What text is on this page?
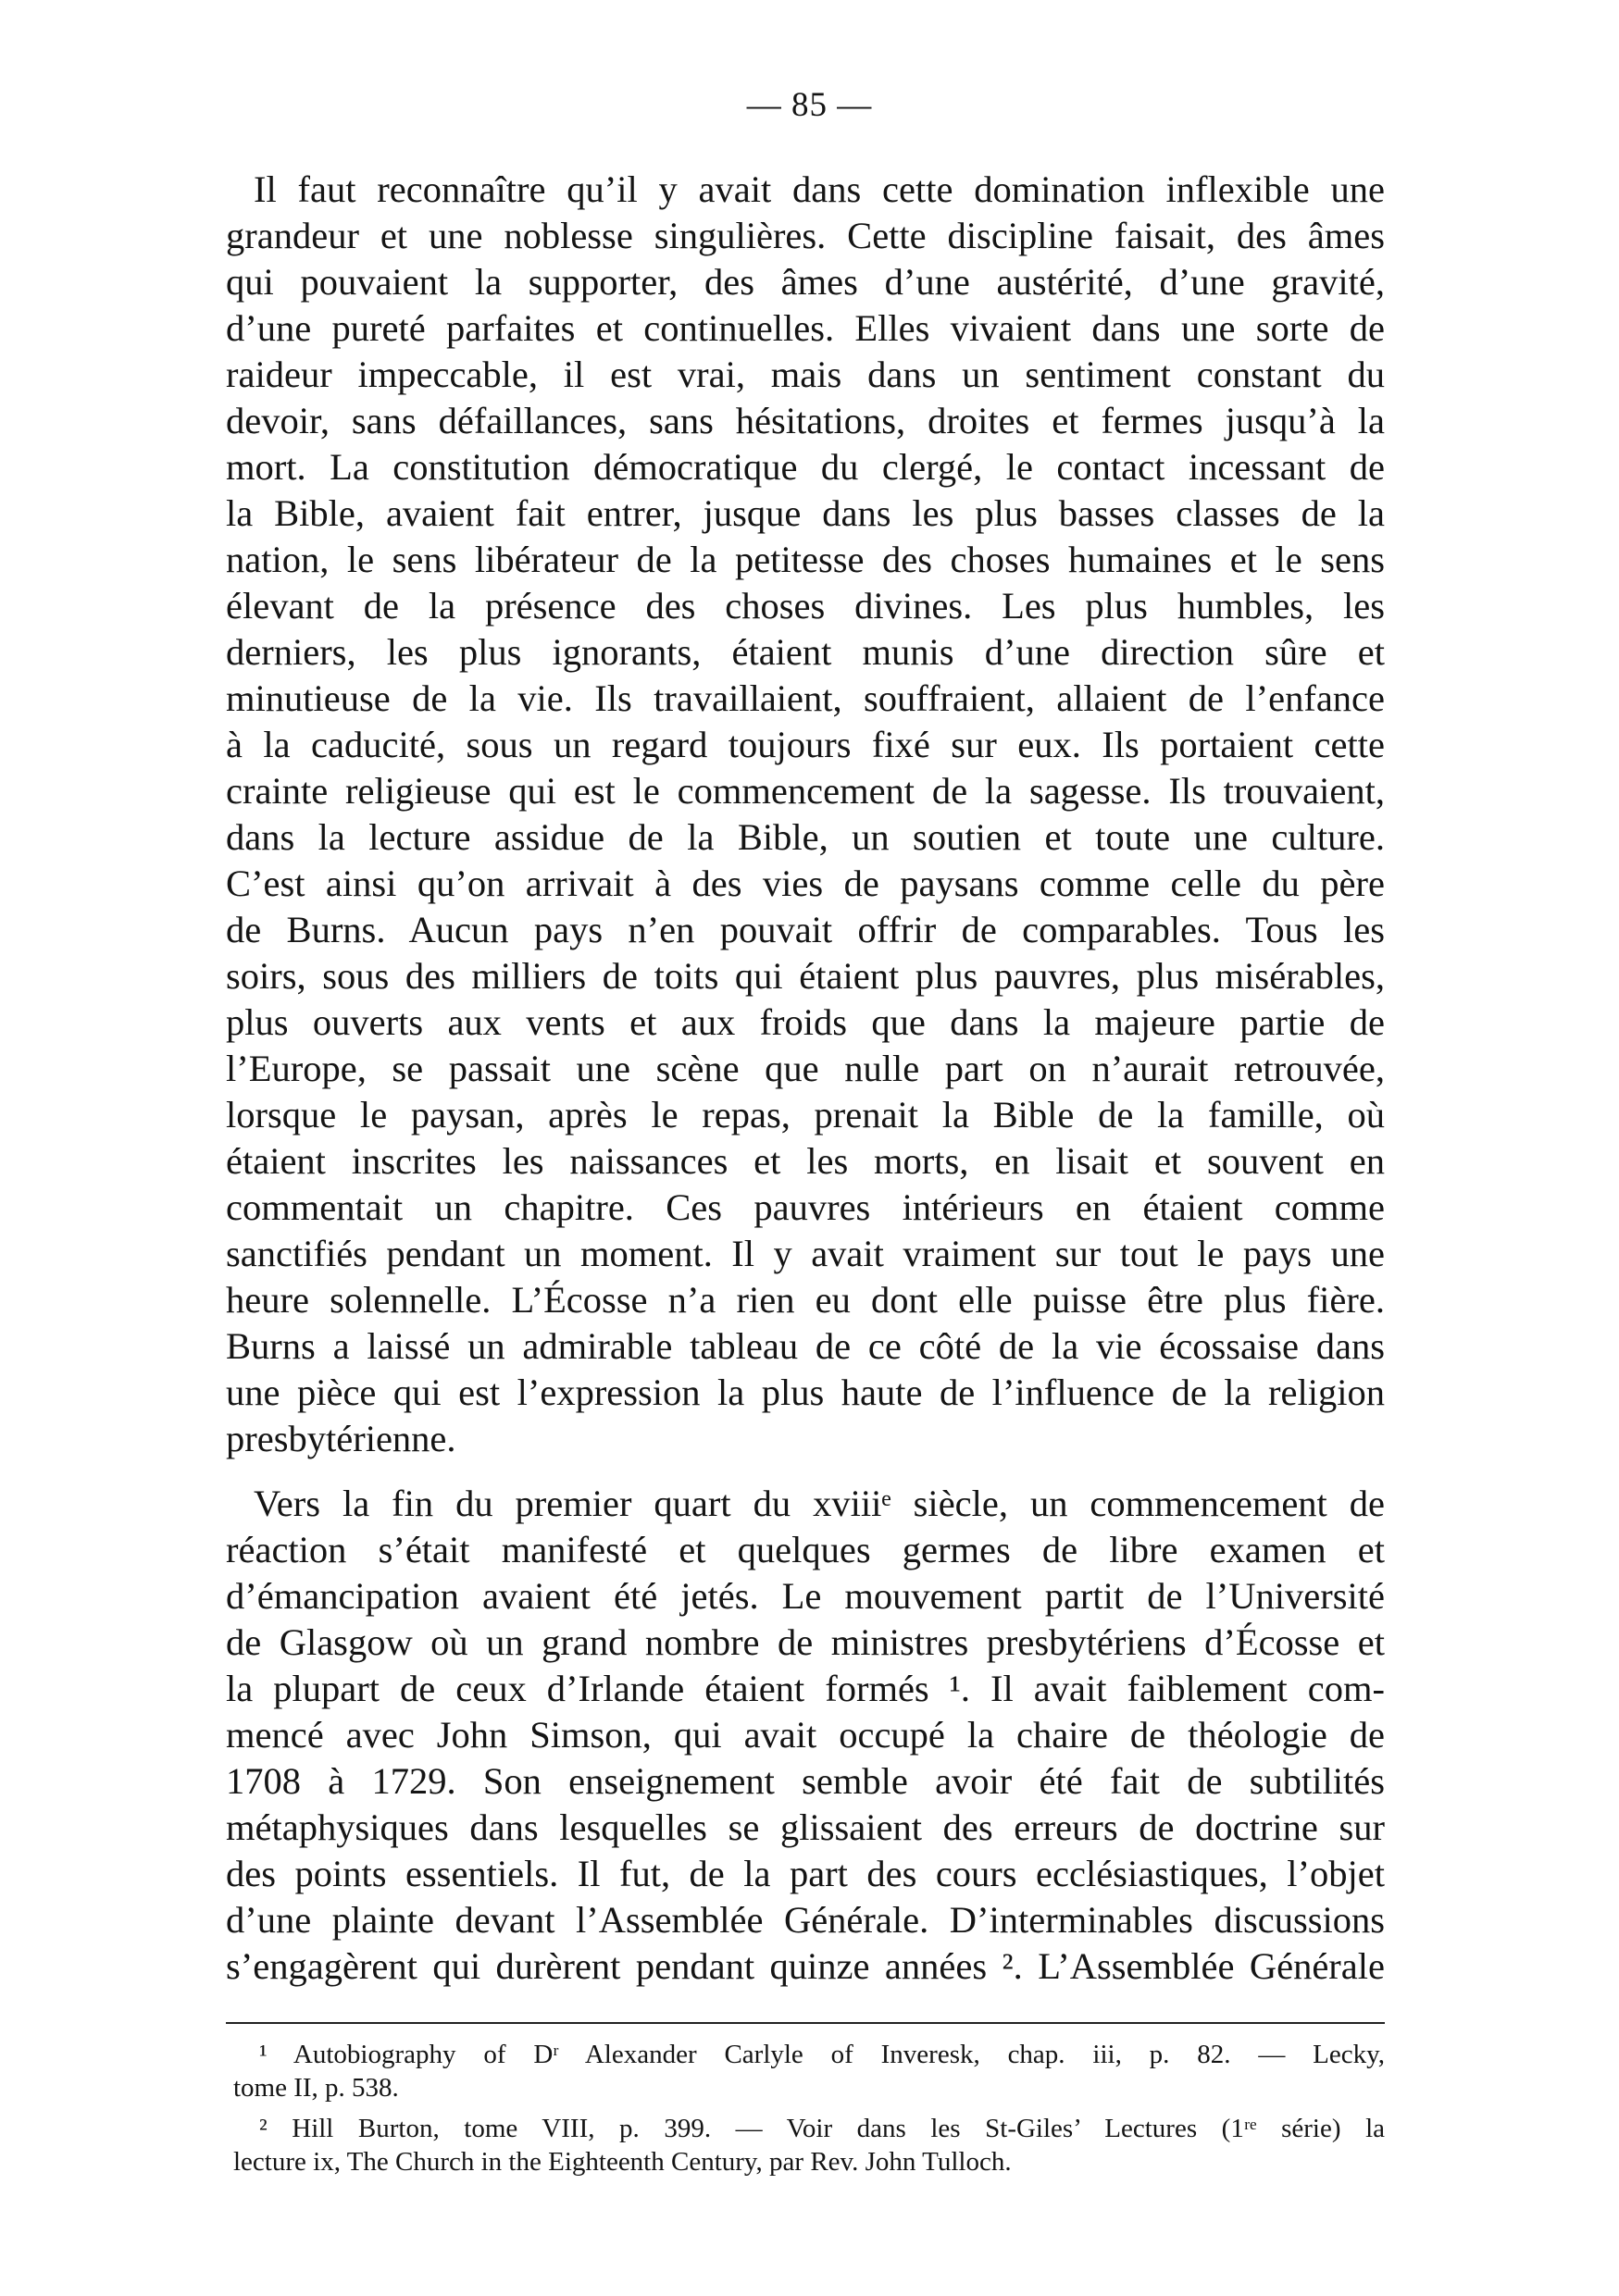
— 85 —
Il faut reconnaître qu’il y avait dans cette domination inflexible une
grandeur et une noblesse singulières. Cette discipline faisait, des âmes
qui pouvaient la supporter, des âmes d’une austérité, d’une gravité,
d’une pureté parfaites et continuelles. Elles vivaient dans une sorte de
raideur impeccable, il est vrai, mais dans un sentiment constant du
devoir, sans défaillances, sans hésitations, droites et fermes jusqu’à la
mort. La constitution démocratique du clergé, le contact incessant de
la Bible, avaient fait entrer, jusque dans les plus basses classes de la
nation, le sens libérateur de la petitesse des choses humaines et le sens
élevant de la présence des choses divines. Les plus humbles, les
derniers, les plus ignorants, étaient munis d’une direction sûre et
minutieuse de la vie. Ils travaillaient, souffraient, allaient de l’enfance
à la caducité, sous un regard toujours fixé sur eux. Ils portaient cette
crainte religieuse qui est le commencement de la sagesse. Ils trouvaient,
dans la lecture assidue de la Bible, un soutien et toute une culture.
C’est ainsi qu’on arrivait à des vies de paysans comme celle du père
de Burns. Aucun pays n’en pouvait offrir de comparables. Tous les
soirs, sous des milliers de toits qui étaient plus pauvres, plus misérables,
plus ouverts aux vents et aux froids que dans la majeure partie de
l’Europe, se passait une scène que nulle part on n’aurait retrouvée,
lorsque le paysan, après le repas, prenait la Bible de la famille, où
étaient inscrites les naissances et les morts, en lisait et souvent en
commentait un chapitre. Ces pauvres intérieurs en étaient comme
sanctifiés pendant un moment. Il y avait vraiment sur tout le pays une
heure solennelle. L’Écosse n’a rien eu dont elle puisse être plus fière.
Burns a laissé un admirable tableau de ce côté de la vie écossaise dans
une pièce qui est l’expression la plus haute de l’influence de la religion
presbytérienne.
Vers la fin du premier quart du xviiiᵉ siècle, un commencement de
réaction s’était manifesté et quelques germes de libre examen et
d’émancipation avaient été jetés. Le mouvement partit de l’Université
de Glasgow où un grand nombre de ministres presbytériens d’Écosse et
la plupart de ceux d’Irlande étaient formés ¹. Il avait faiblement com-
mencé avec John Simson, qui avait occupé la chaire de théologie de
1708 à 1729. Son enseignement semble avoir été fait de subtilités
métaphysiques dans lesquelles se glissaient des erreurs de doctrine sur
des points essentiels. Il fut, de la part des cours ecclésiastiques, l’objet
d’une plainte devant l’Assemblée Générale. D’interminables discussions
s’engagèrent qui durèrent pendant quinze années ². L’Assemblée Générale
¹ Autobiography of Dʳ Alexander Carlyle of Inveresk, chap. iii, p. 82. — Lecky,
tome II, p. 538.
² Hill Burton, tome VIII, p. 399. — Voir dans les St-Giles’ Lectures (1ʳᵉ série) la
lecture ix, The Church in the Eighteenth Century, par Rev. John Tulloch.
